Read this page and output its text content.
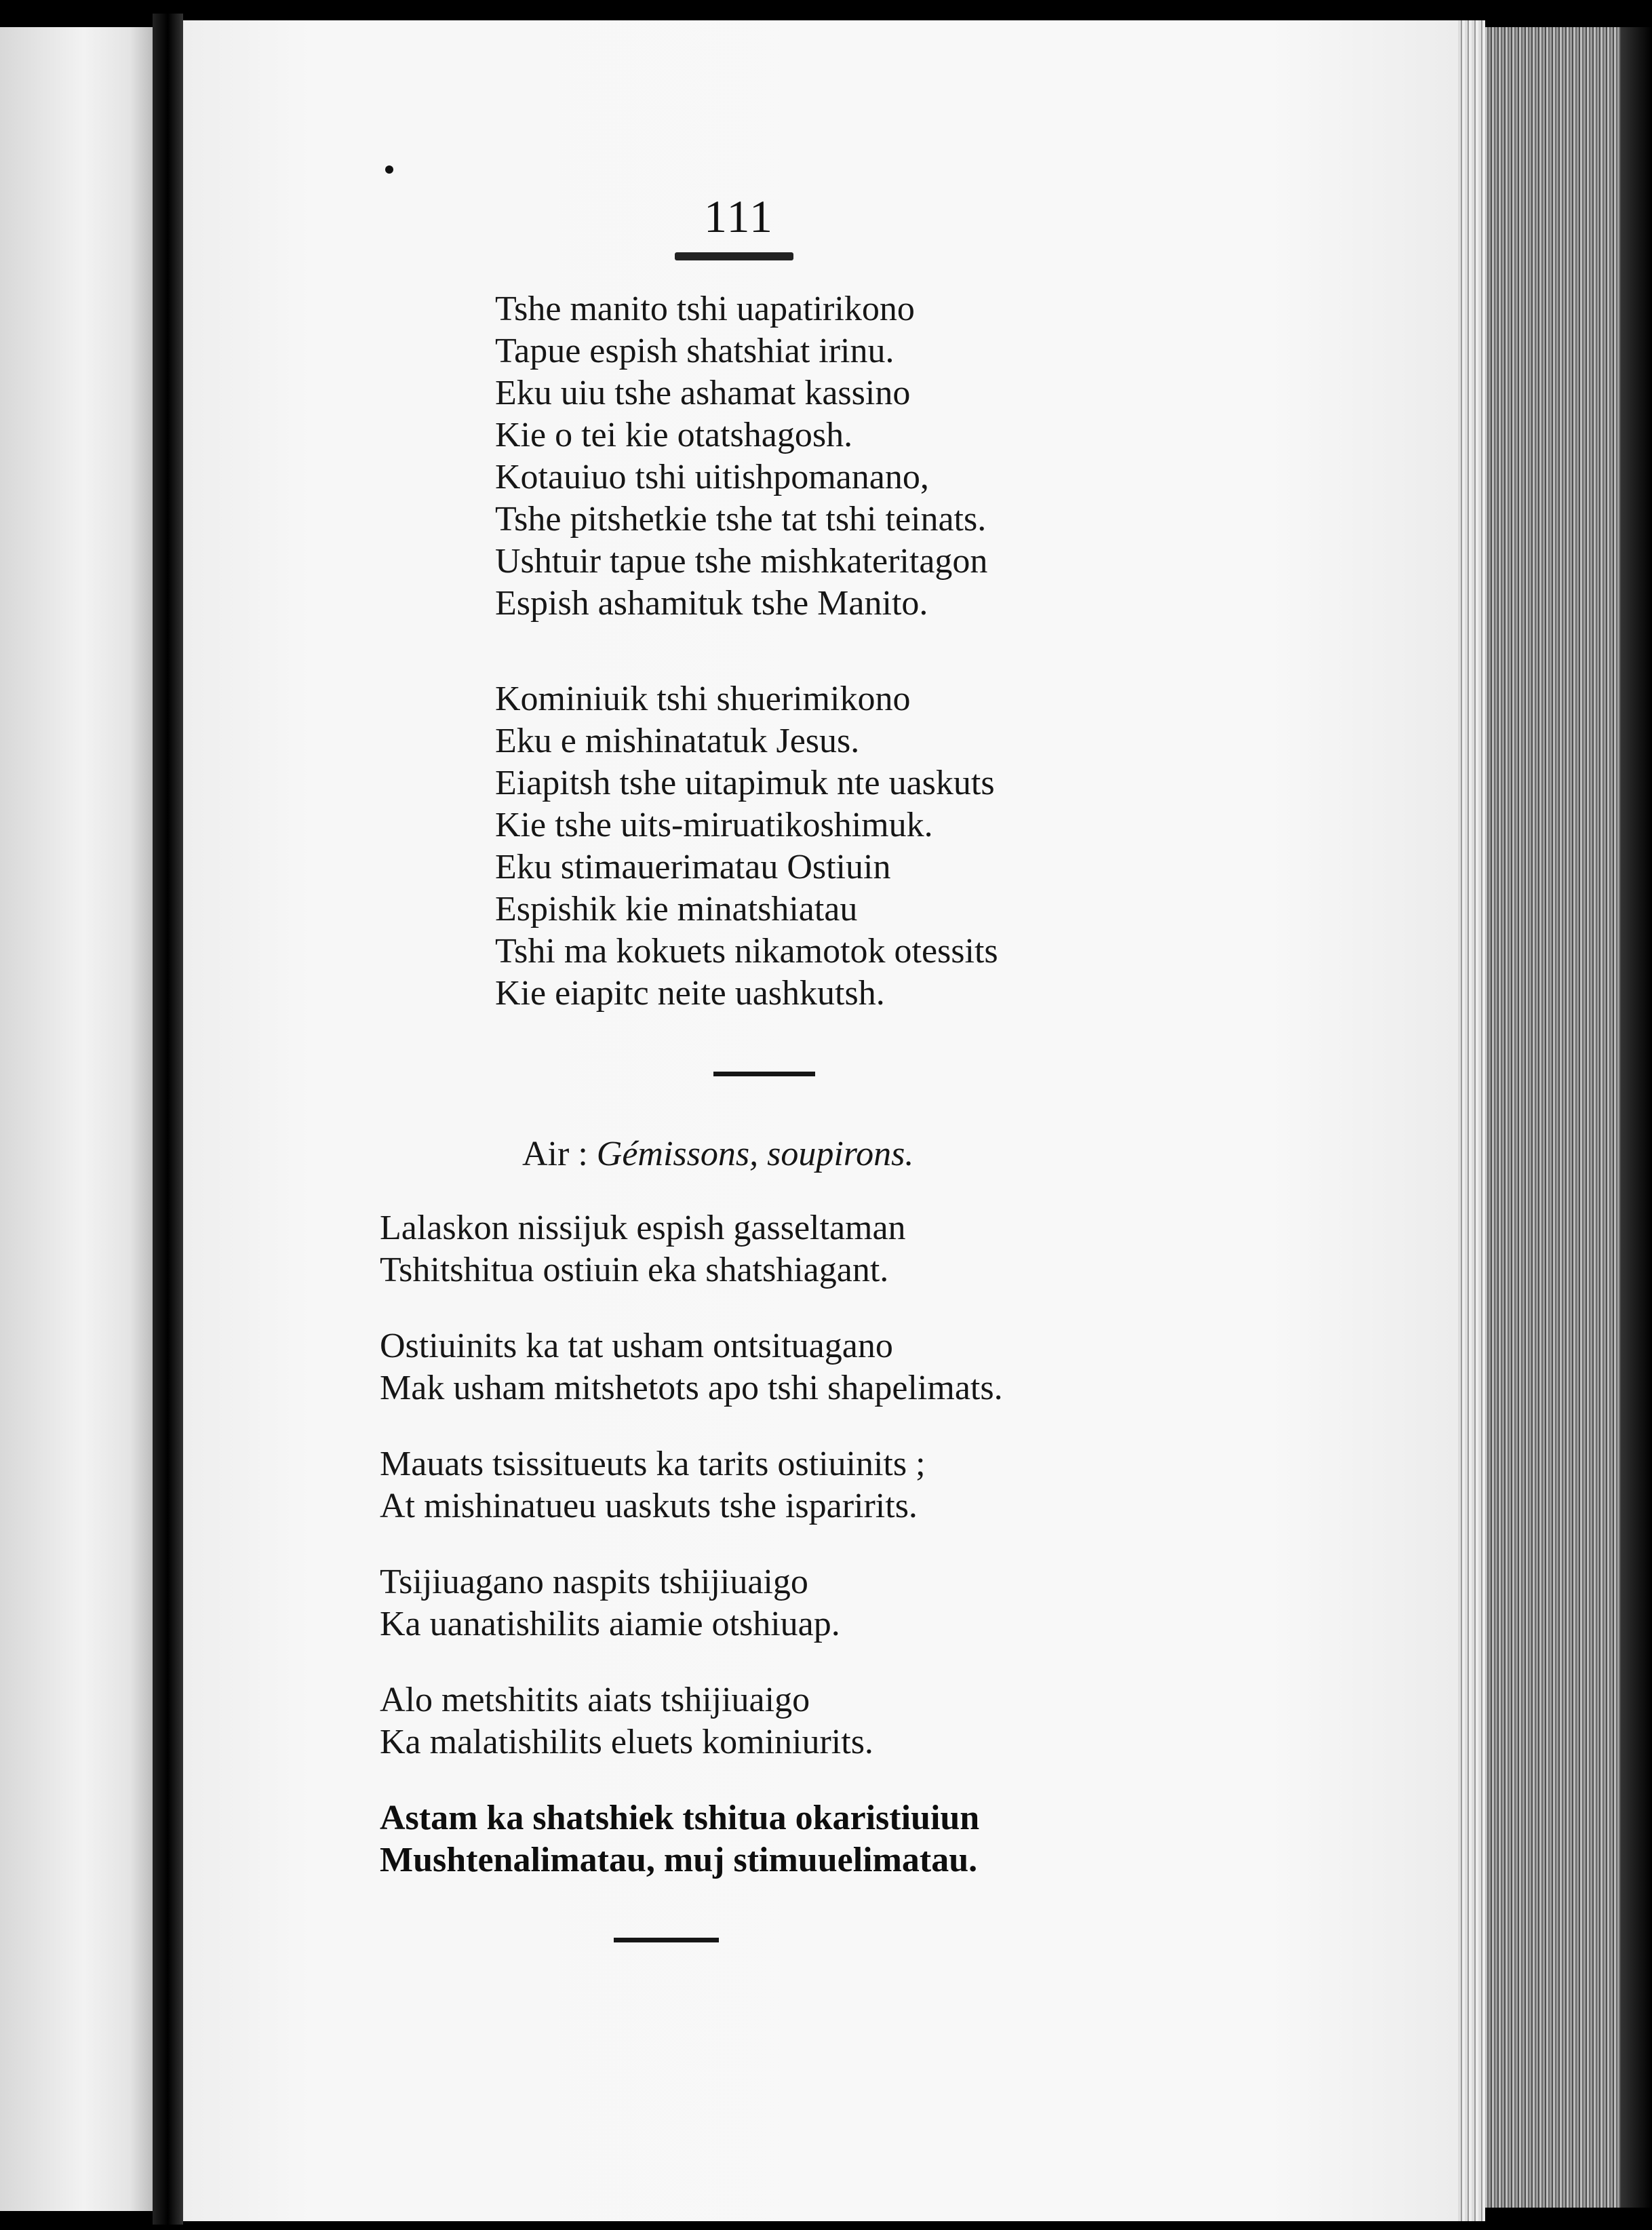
111
Tshe manito tshi uapatirikono
Tapue espish shatshiat irinu.
Eku uiu tshe ashamat kassino
Kie o tei kie otatshagosh.
Kotauiuo tshi uitishpomanano,
Tshe pitshetkie tshe tat tshi teinats.
Ushtuir tapue tshe mishkateritagon
Espish ashamituk tshe Manito.
Kominiuik tshi shuerimikono
Eku e mishinatatuk Jesus.
Eiapitsh tshe uitapimuk nte uaskuts
Kie tshe uits-miruatikoshimuk.
Eku stimauerimatau Ostiuin
Espishik kie minatshiatau
Tshi ma kokuets nikamotok otessits
Kie eiapitc neite uashkutsh.
Air : Gémissons, soupirons.

Lalaskon nissijuk espish gasseltaman
Tshitshitua ostiuin eka shatshiagant.

Ostiuinits ka tat usham ontsituagano
Mak usham mitshetots apo tshi shapelimats.

Mauats tsissitueuts ka tarits ostiuinits ;
At mishinatueu uaskuts tshe isparirits.

Tsijiuagano naspits tshijiuaigo
Ka uanatishilits aiamie otshiuap.

Alo metshitits aiats tshijiuaigo
Ka malatishilits eluets kominiurits.

Astam ka shatshiek tshitua okaristiuiun
Mushtenalimatau, muj stimuuelimatau.
